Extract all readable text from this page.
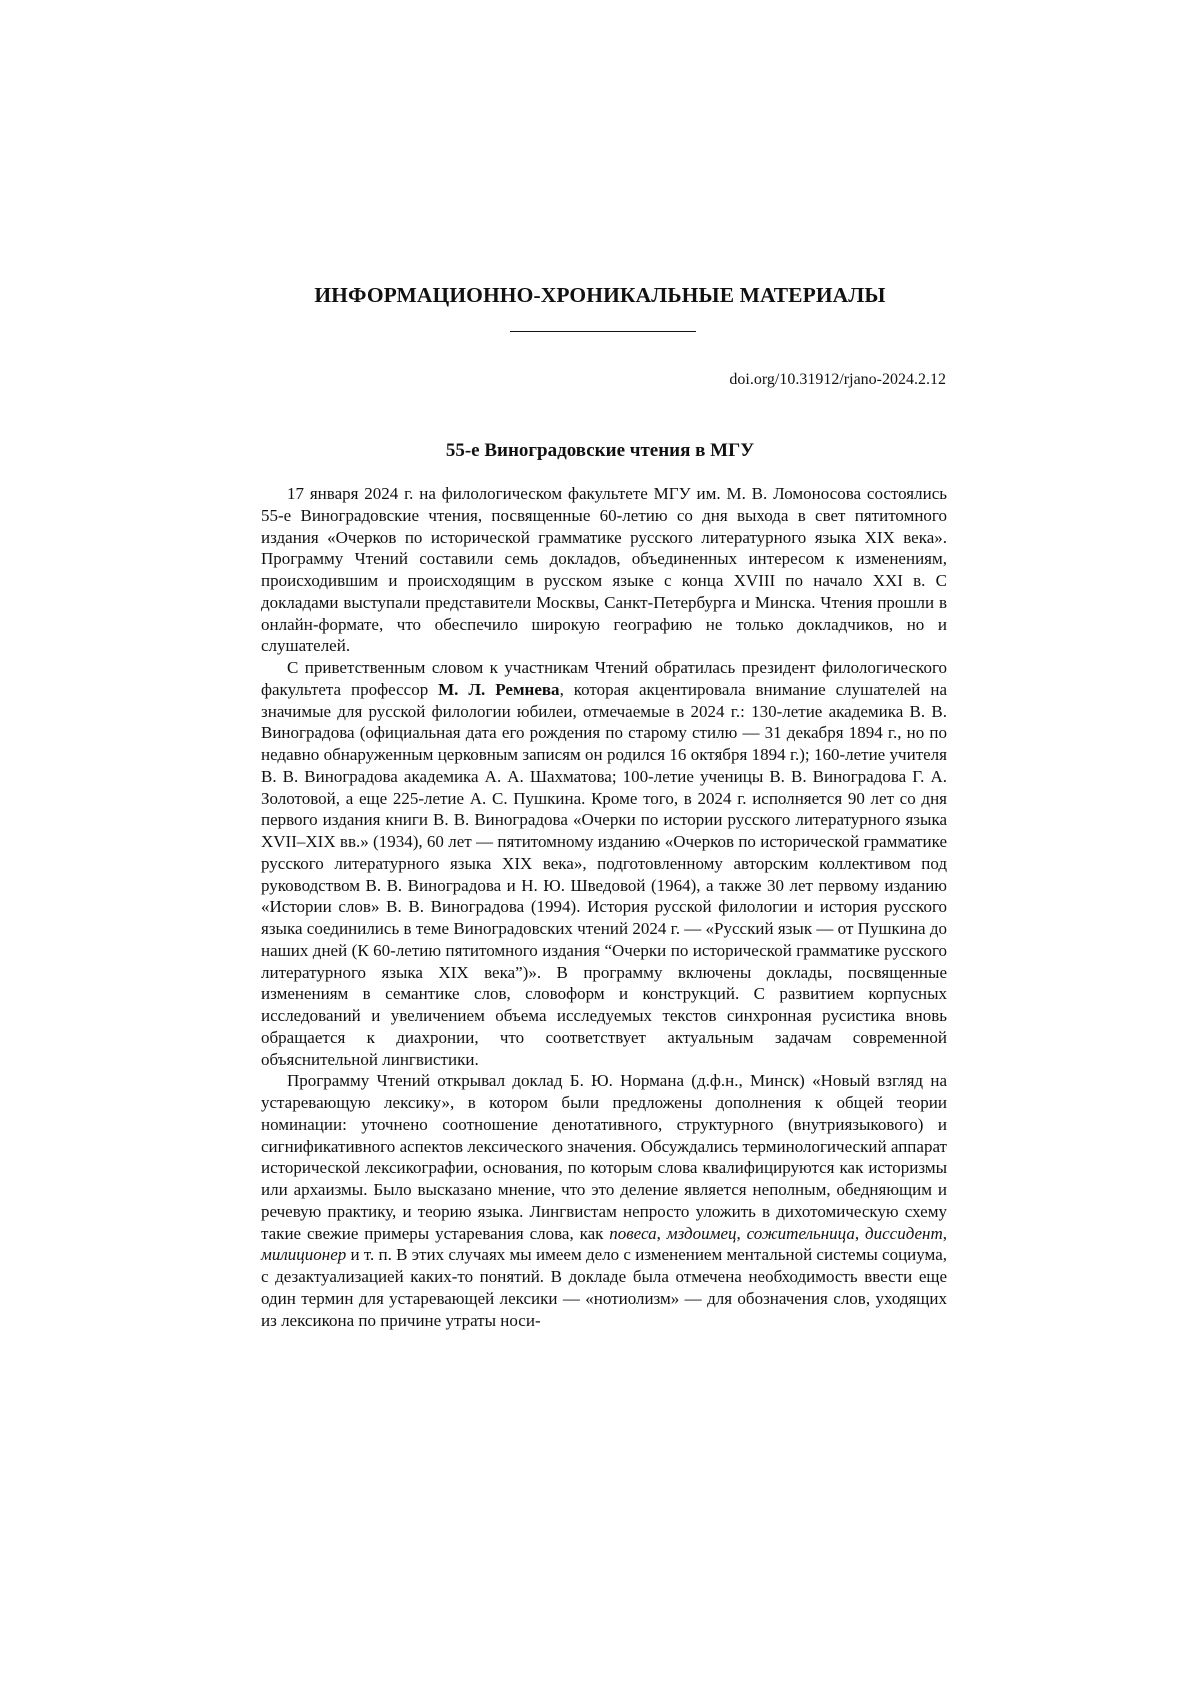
ИНФОРМАЦИОННО-ХРОНИКАЛЬНЫЕ МАТЕРИАЛЫ

doi.org/10.31912/rjano-2024.2.12

55-е Виноградовские чтения в МГУ

17 января 2024 г. на филологическом факультете МГУ им. М. В. Ломоносова состоялись 55-е Виноградовские чтения, посвященные 60-летию со дня выхода в свет пятитомного издания «Очерков по исторической грамматике русского литературного языка XIX века». Программу Чтений составили семь докладов, объединенных интересом к изменениям, происходившим и происходящим в русском языке с конца XVIII по начало XXI в. С докладами выступали представители Москвы, Санкт-Петербурга и Минска. Чтения прошли в онлайн-формате, что обеспечило широкую географию не только докладчиков, но и слушателей.

С приветственным словом к участникам Чтений обратилась президент филологического факультета профессор М. Л. Ремнева, которая акцентировала внимание слушателей на значимые для русской филологии юбилеи, отмечаемые в 2024 г.: 130-летие академика В. В. Виноградова (официальная дата его рождения по старому стилю — 31 декабря 1894 г., но по недавно обнаруженным церковным записям он родился 16 октября 1894 г.); 160-летие учителя В. В. Виноградова академика А. А. Шахматова; 100-летие ученицы В. В. Виноградова Г. А. Золотовой, а еще 225-летие А. С. Пушкина. Кроме того, в 2024 г. исполняется 90 лет со дня первого издания книги В. В. Виноградова «Очерки по истории русского литературного языка XVII–XIX вв.» (1934), 60 лет — пятитомному изданию «Очерков по исторической грамматике русского литературного языка XIX века», подготовленному авторским коллективом под руководством В. В. Виноградова и Н. Ю. Шведовой (1964), а также 30 лет первому изданию «Истории слов» В. В. Виноградова (1994). История русской филологии и история русского языка соединились в теме Виноградовских чтений 2024 г. — «Русский язык — от Пушкина до наших дней (К 60-летию пятитомного издания “Очерки по исторической грамматике русского литературного языка XIX века”)». В программу включены доклады, посвященные изменениям в семантике слов, словоформ и конструкций. С развитием корпусных исследований и увеличением объема исследуемых текстов синхронная русистика вновь обращается к диахронии, что соответствует актуальным задачам современной объяснительной лингвистики.

Программу Чтений открывал доклад Б. Ю. Нормана (д.ф.н., Минск) «Новый взгляд на устаревающую лексику», в котором были предложены дополнения к общей теории номинации: уточнено соотношение денотативного, структурного (внутриязыкового) и сигнификативного аспектов лексического значения. Обсуждались терминологический аппарат исторической лексикографии, основания, по которым слова квалифицируются как историзмы или архаизмы. Было высказано мнение, что это деление является неполным, обедняющим и речевую практику, и теорию языка. Лингвистам непросто уложить в дихотомическую схему такие свежие примеры устаревания слова, как повеса, мздоимец, сожительница, диссидент, милиционер и т. п. В этих случаях мы имеем дело с изменением ментальной системы социума, с дезактуализацией каких-то понятий. В докладе была отмечена необходимость ввести еще один термин для устаревающей лексики — «нотиолизм» — для обозначения слов, уходящих из лексикона по причине утраты носи-
